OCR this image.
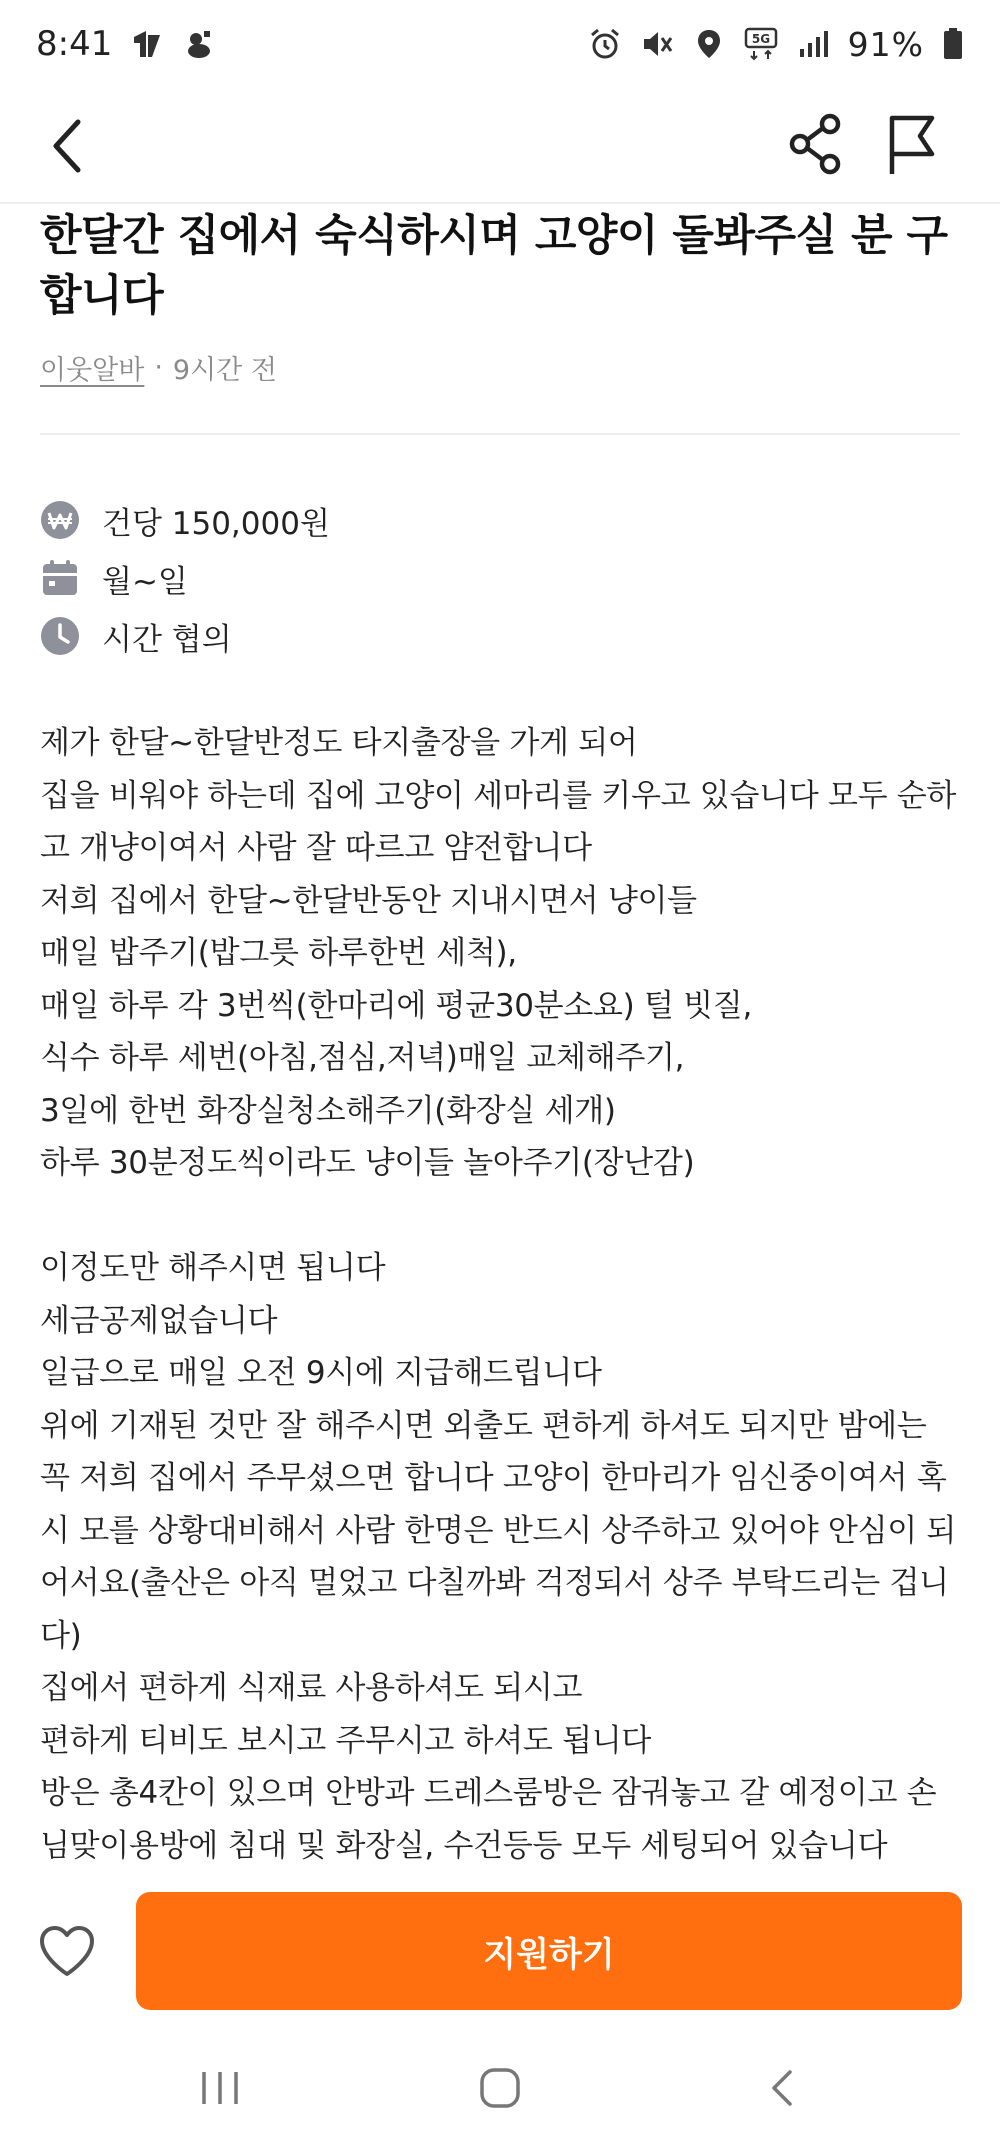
8:41	5G 91%
한달간 집에서 숙식하시며 고양이 돌봐주실 분 구합니다
이웃알바 · 9시간 전
건당 150,000원
월~일
시간 협의
제가 한달~한달반정도 타지출장을 가게 되어
집을 비워야 하는데 집에 고양이 세마리를 키우고 있습니다 모두 순하고 개냥이여서 사람 잘 따르고 얌전합니다
저희 집에서 한달~한달반동안 지내시면서 냥이들
매일 밥주기(밥그릇 하루한번 세척),
매일 하루 각 3번씩(한마리에 평균30분소요) 털 빗질,
식수 하루 세번(아침,점심,저녁)매일 교체해주기,
3일에 한번 화장실청소해주기(화장실 세개)
하루 30분정도씩이라도 냥이들 놀아주기(장난감)

이정도만 해주시면 됩니다
세금공제없습니다
일급으로 매일 오전 9시에 지급해드립니다
위에 기재된 것만 잘 해주시면 외출도 편하게 하셔도 되지만 밤에는 꼭 저희 집에서 주무셨으면 합니다 고양이 한마리가 임신중이여서 혹시 모를 상황대비해서 사람 한명은 반드시 상주하고 있어야 안심이 되어서요(출산은 아직 멀었고 다칠까봐 걱정되서 상주 부탁드리는 겁니다)
집에서 편하게 식재료 사용하셔도 되시고
편하게 티비도 보시고 주무시고 하셔도 됩니다
방은 총4칸이 있으며 안방과 드레스룸방은 잠궈놓고 갈 예정이고 손님맞이용방에 침대 및 화장실, 수건등등 모두 세팅되어 있습니다
지원하기
